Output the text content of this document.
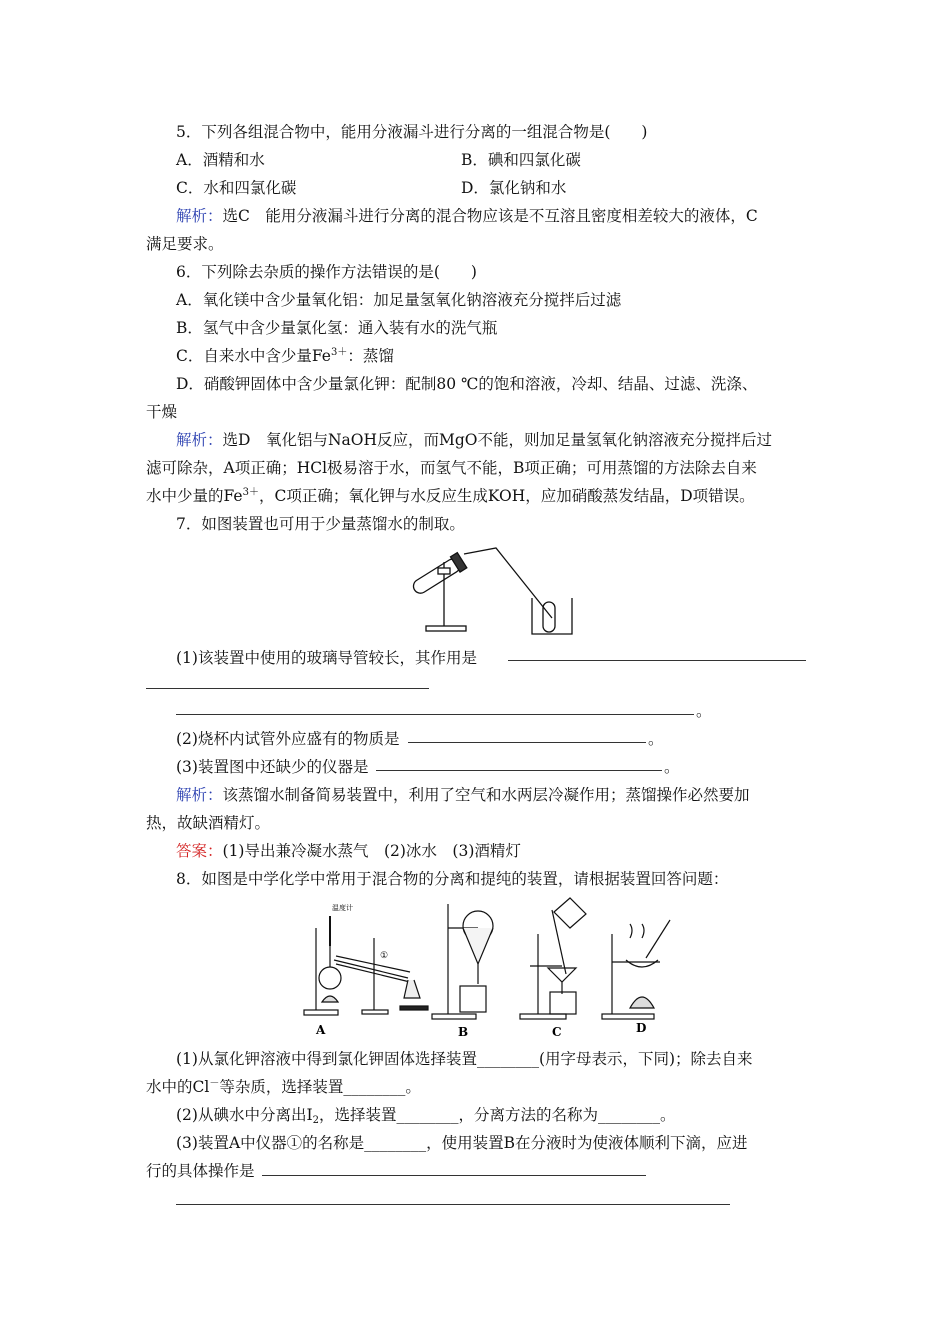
5．下列各组混合物中，能用分液漏斗进行分离的一组混合物是(　　)
A．酒精和水	B．碘和四氯化碳
C．水和四氯化碳	D．氯化钠和水
解析：选C　能用分液漏斗进行分离的混合物应该是不互溶且密度相差较大的液体，C
满足要求。
6．下列除去杂质的操作方法错误的是(　　)
A．氧化镁中含少量氧化铝：加足量氢氧化钠溶液充分搅拌后过滤
B．氢气中含少量氯化氢：通入装有水的洗气瓶
C．自来水中含少量$Fe^{3+}$：蒸馏
D．硝酸钾固体中含少量氯化钾：配制80 ℃的饱和溶液，冷却、结晶、过滤、洗涤、
干燥
解析：选D　氧化铝与NaOH反应，而MgO不能，则加足量氢氧化钠溶液充分搅拌后过
滤可除杂，A项正确；HCl极易溶于水，而氢气不能，B项正确；可用蒸馏的方法除去自来
水中少量的$Fe^{3+}$，C项正确；氧化钾与水反应生成KOH，应加硝酸蒸发结晶，D项错误。
7．如图装置也可用于少量蒸馏水的制取。
(1)该装置中使用的玻璃导管较长，其作用是
。
(2)烧杯内试管外应盛有的物质是	。
(3)装置图中还缺少的仪器是	。
解析：该蒸馏水制备简易装置中，利用了空气和水两层冷凝作用；蒸馏操作必然要加
热，故缺酒精灯。
答案：(1)导出兼冷凝水蒸气　(2)冰水　(3)酒精灯
8．如图是中学化学中常用于混合物的分离和提纯的装置，请根据装置回答问题：
A	B	C	D
温度计
①
(1)从氯化钾溶液中得到氯化钾固体选择装置________(用字母表示，下同)；除去自来
水中的Cl－等杂质，选择装置________。
(2)从碘水中分离出$I_2$，选择装置________，分离方法的名称为________。
(3)装置A中仪器①的名称是________，使用装置B在分液时为使液体顺利下滴，应进
行的具体操作是
